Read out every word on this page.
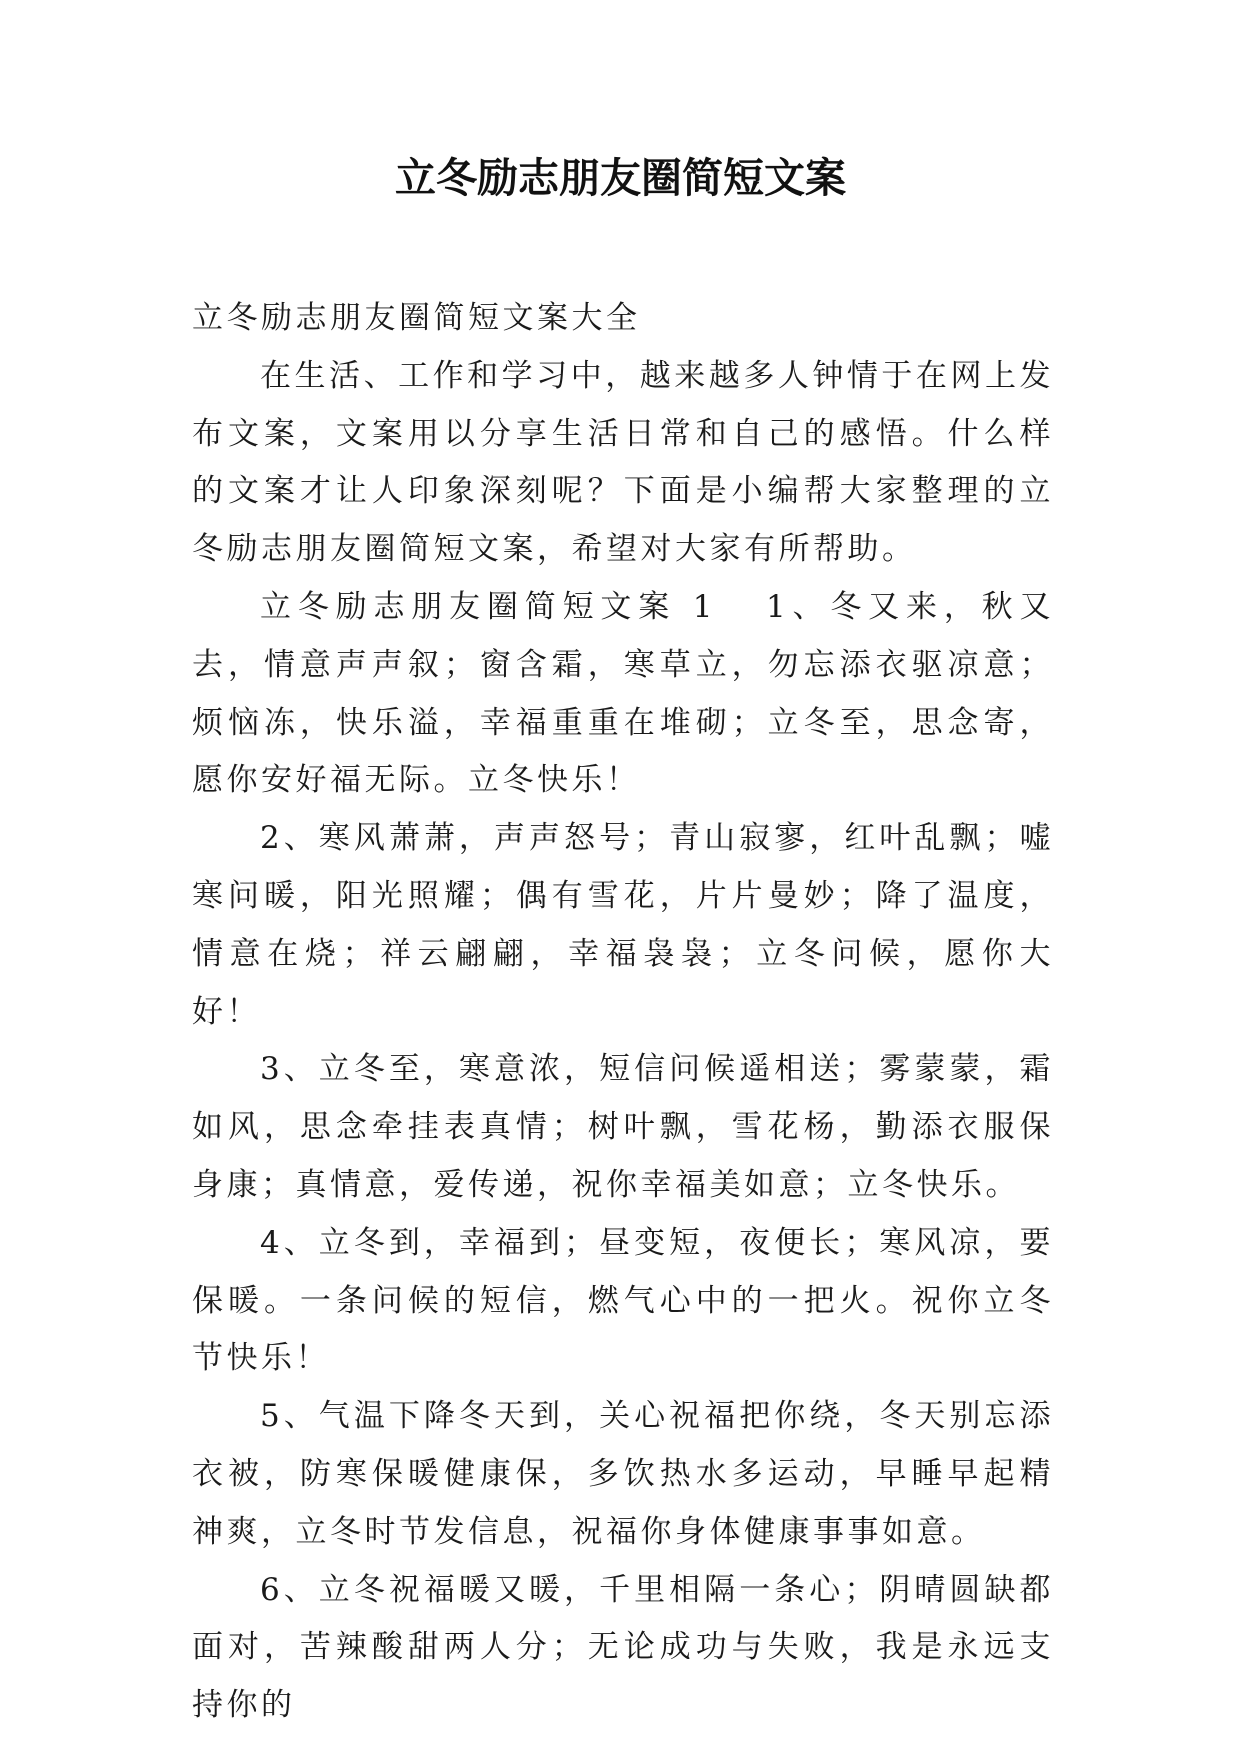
立冬励志朋友圈简短文案

立冬励志朋友圈简短文案大全

在生活、工作和学习中，越来越多人钟情于在网上发布文案，文案用以分享生活日常和自己的感悟。什么样的文案才让人印象深刻呢？下面是小编帮大家整理的立冬励志朋友圈简短文案，希望对大家有所帮助。

立冬励志朋友圈简短文案 1 1、冬又来，秋又去，情意声声叙；窗含霜，寒草立，勿忘添衣驱凉意；烦恼冻，快乐溢，幸福重重在堆砌；立冬至，思念寄，愿你安好福无际。立冬快乐！

2、寒风萧萧，声声怒号；青山寂寥，红叶乱飘；嘘寒问暖，阳光照耀；偶有雪花，片片曼妙；降了温度，情意在烧；祥云翩翩，幸福袅袅；立冬问候，愿你大好！

3、立冬至，寒意浓，短信问候遥相送；雾蒙蒙，霜如风，思念牵挂表真情；树叶飘，雪花杨，勤添衣服保身康；真情意，爱传递，祝你幸福美如意；立冬快乐。

4、立冬到，幸福到；昼变短，夜便长；寒风凉，要保暖。一条问候的短信，燃气心中的一把火。祝你立冬节快乐！

5、气温下降冬天到，关心祝福把你绕，冬天别忘添衣被，防寒保暖健康保，多饮热水多运动，早睡早起精神爽，立冬时节发信息，祝福你身体健康事事如意。

6、立冬祝福暖又暖，千里相隔一条心；阴晴圆缺都面对，苦辣酸甜两人分；无论成功与失败，我是永远支持你的
